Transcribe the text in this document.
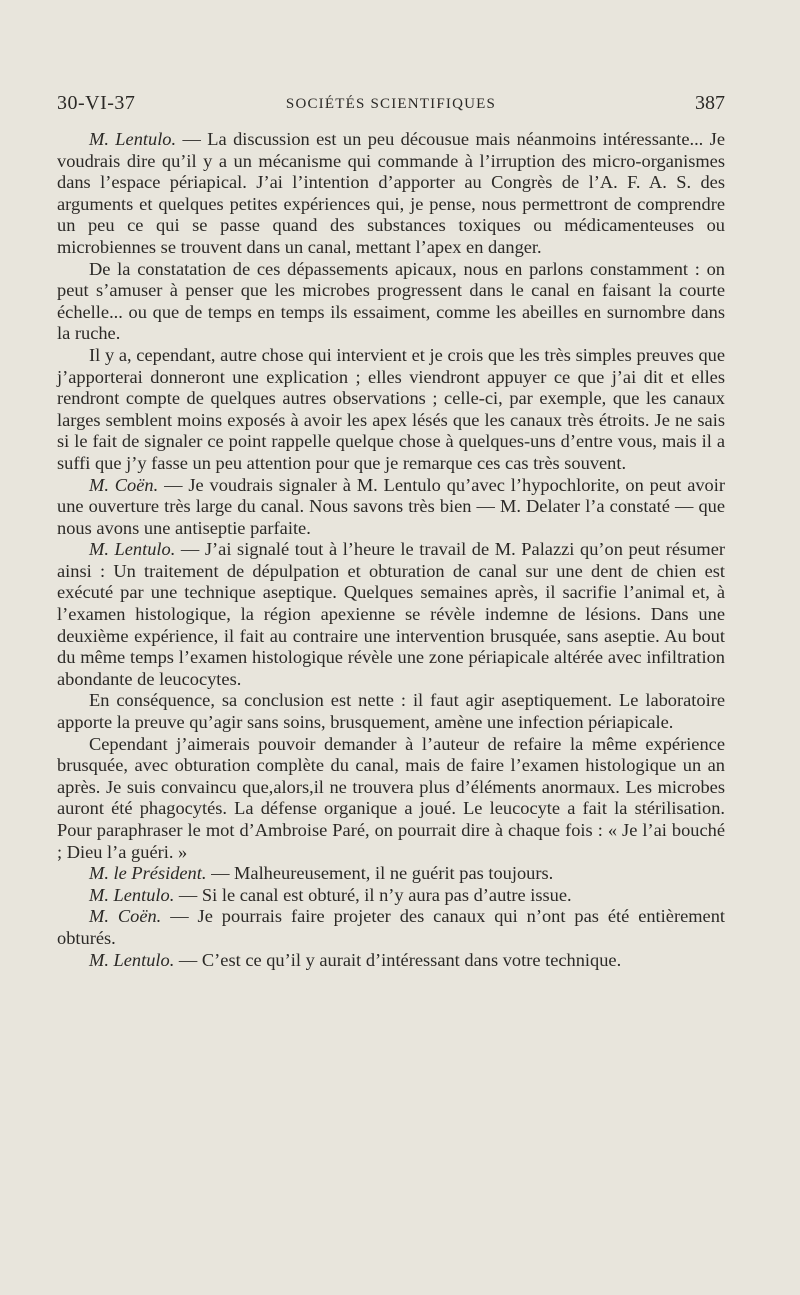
30-VI-37	SOCIÉTÉS SCIENTIFIQUES	387

M. Lentulo. — La discussion est un peu décousue mais néanmoins intéressante... Je voudrais dire qu’il y a un mécanisme qui commande à l’irruption des micro-organismes dans l’espace périapical. J’ai l’intention d’apporter au Congrès de l’A. F. A. S. des arguments et quelques petites expériences qui, je pense, nous permettront de comprendre un peu ce qui se passe quand des substances toxiques ou médicamenteuses ou microbiennes se trouvent dans un canal, mettant l’apex en danger.

De la constatation de ces dépassements apicaux, nous en parlons constamment : on peut s’amuser à penser que les microbes progressent dans le canal en faisant la courte échelle... ou que de temps en temps ils essaiment, comme les abeilles en surnombre dans la ruche.

Il y a, cependant, autre chose qui intervient et je crois que les très simples preuves que j’apporterai donneront une explication ; elles viendront appuyer ce que j’ai dit et elles rendront compte de quelques autres observations ; celle-ci, par exemple, que les canaux larges semblent moins exposés à avoir les apex lésés que les canaux très étroits. Je ne sais si le fait de signaler ce point rappelle quelque chose à quelques-uns d’entre vous, mais il a suffi que j’y fasse un peu attention pour que je remarque ces cas très souvent.

M. Coën. — Je voudrais signaler à M. Lentulo qu’avec l’hypochlorite, on peut avoir une ouverture très large du canal. Nous savons très bien — M. Delater l’a constaté — que nous avons une antiseptie parfaite.

M. Lentulo. — J’ai signalé tout à l’heure le travail de M. Palazzi qu’on peut résumer ainsi : Un traitement de dépulpation et obturation de canal sur une dent de chien est exécuté par une technique aseptique. Quelques semaines après, il sacrifie l’animal et, à l’examen histologique, la région apexienne se révèle indemne de lésions. Dans une deuxième expérience, il fait au contraire une intervention brusquée, sans aseptie. Au bout du même temps l’examen histologique révèle une zone périapicale altérée avec infiltration abondante de leucocytes.

En conséquence, sa conclusion est nette : il faut agir aseptiquement. Le laboratoire apporte la preuve qu’agir sans soins, brusquement, amène une infection périapicale.

Cependant j’aimerais pouvoir demander à l’auteur de refaire la même expérience brusquée, avec obturation complète du canal, mais de faire l’examen histologique un an après. Je suis convaincu que,alors,il ne trouvera plus d’éléments anormaux. Les microbes auront été phagocytés. La défense organique a joué. Le leucocyte a fait la stérilisation. Pour paraphraser le mot d’Ambroise Paré, on pourrait dire à chaque fois : « Je l’ai bouché ; Dieu l’a guéri. »

M. le Président. — Malheureusement, il ne guérit pas toujours.

M. Lentulo. — Si le canal est obturé, il n’y aura pas d’autre issue.

M. Coën. — Je pourrais faire projeter des canaux qui n’ont pas été entièrement obturés.

M. Lentulo. — C’est ce qu’il y aurait d’intéressant dans votre technique.
